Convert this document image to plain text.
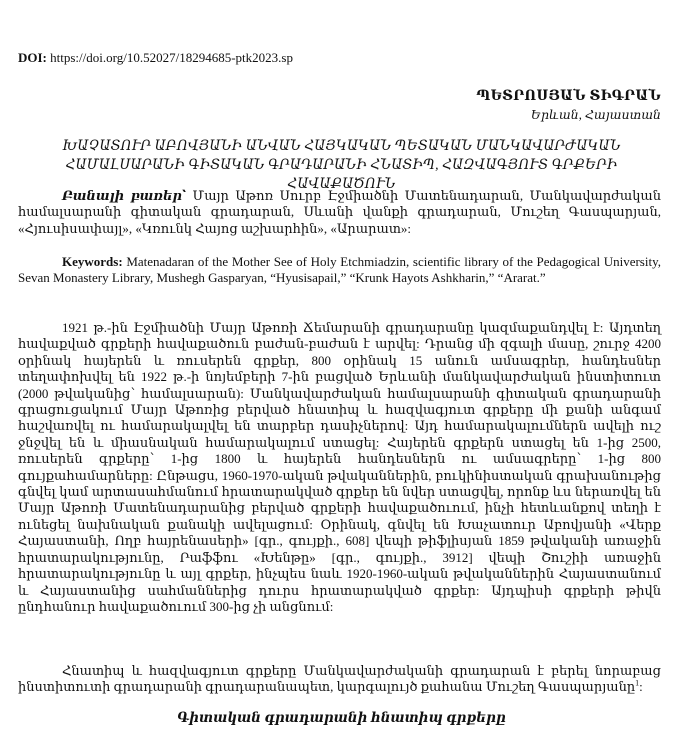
DOI: https://doi.org/10.52027/18294685-ptk2023.sp
ՊԵՏՐՈՍՅԱՆ ՏԻԳՐԱՆ
Երևան, Հայաստան
ԽԱՉԱՏՈՒՐ ԱԲՈՎՅԱՆԻ ԱՆՎԱՆ ՀԱՅԿԱԿԱՆ ՊԵՏԱԿԱՆ ՄԱՆԿԱՎԱՐԺԱԿԱՆ
ՀԱՄԱԼՍԱՐԱՆԻ ԳԻՏԱԿԱՆ ԳՐԱԴԱՐԱՆԻ ՀՆԱՏԻՊ, ՀԱԶՎԱԳՅՈՒՏ ԳՐՔԵՐԻ ՀԱՎԱՔԱԾՈՒՆ
Բանալի բառեր՝ Մայր Աթոռ Սուրբ Էջմիածնի Մատենադարան, Մանկավարժական համալսարանի գիտական գրադարան, Սևանի վանքի գրադարան, Մուշեղ Գասպարյան, «Հյուսիսափայլ», «Կռունկ Հայոց աշխարհին», «Արարատ»:
Keywords: Matenadaran of the Mother See of Holy Etchmiadzin, scientific library of the Pedagogical University, Sevan Monastery Library, Mushegh Gasparyan, “Hyusisapail,” “Krunk Hayots Ashkharin,” “Ararat.”
1921 թ.-ին Էջմիածնի Մայր Աթոռի Ճեմարանի գրադարանը կազմաքանդվել է: Այդտեղ հավաքված գրքերի հավաքածուն բաժան-բաժան է արվել: Դրանց մի զգալի մասը, շուրջ 4200 օրինակ հայերեն և ռուսերեն գրքեր, 800 օրինակ 15 անուն ամսագրեր, հանդեսներ տեղափոխվել են 1922 թ.-ի նոյեմբերի 7-ին բացված Երևանի մանկավարժական ինստիտուտ (2000 թվականից՝ համալսարան): Մանկավարժական համալսարանի գիտական գրադարանի գրացուցակում Մայր Աթոռից բերված հնատիպ և հազվագյուտ գրքերը մի քանի անգամ հաշվառվել ու համարակալվել են տարբեր դասիչներով: Այդ համարակալումներն ավելի ուշ ջնջվել են և միասնական համարակալում ստացել: Հայերեն գրքերն ստացել են 1-ից 2500, ռուսերեն գրքերը՝ 1-ից 1800 և հայերեն հանդեսներն ու ամսագրերը՝ 1-ից 800 գույքահամարները: Ընթացս, 1960-1970-ական թվականներին, բուկինիստական գրախանութից գնվել կամ արտասահմանում հրատարակված գրքեր են նվեր ստացվել, որոնք ևս ներառվել են Մայր Աթոռի Մատենադարանից բերված գրքերի հավաքածուում, ինչի հետևանքով տեղի է ունեցել նախնական քանակի ավելացում: Օրինակ, գնվել են Խաչատուր Աբովյանի «Վերք Հայաստանի, Ողբ հայրենասերի» [գր., գույքի., 608] վեպի թիֆլիսյան 1859 թվականի առաջին հրատարակությունը, Րաֆֆու «Խենթը» [գր., գույքի., 3912] վեպի Շուշիի առաջին հրատարակությունը և այլ գրքեր, ինչպես նաև 1920-1960-ական թվականներին Հայաստանում և Հայաստանից սահմաններից դուրս հրատարակված գրքեր: Այդպիսի գրքերի թիվն ընդհանուր հավաքածուում 300-ից չի անցնում:
Հնատիպ և հազվագյուտ գրքերը Մանկավարժականի գրադարան է բերել նորաբաց ինստիտուտի գրադարանի գրադարանապետ, կարգալույծ քահանա Մուշեղ Գասպարյանը$^1$:
Գիտական գրադարանի հնատիպ գրքերը
